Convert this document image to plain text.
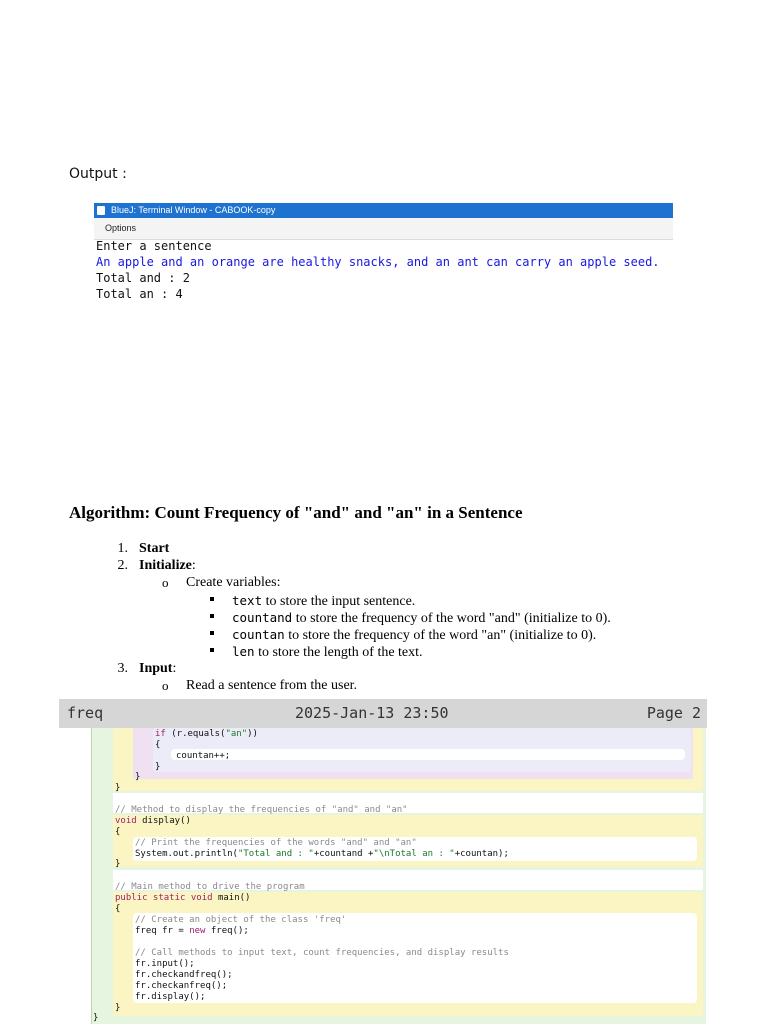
Output :
BlueJ: Terminal Window - CABOOK-copy
Options
Enter a sentence
An apple and an orange are healthy snacks, and an ant can carry an apple seed.
Total and : 2
Total an : 4
Algorithm: Count Frequency of "and" and "an" in a Sentence
1. Start
2. Initialize:
o Create variables:
text to store the input sentence.
countand to store the frequency of the word "and" (initialize to 0).
countan to store the frequency of the word "an" (initialize to 0).
len to store the length of the text.
3. Input:
o Read a sentence from the user.
freq	2025-Jan-13 23:50	Page 2
if (r.equals("an"))
{
countan++;
}
}
}
// Method to display the frequencies of "and" and "an"
void display()
{
// Print the frequencies of the words "and" and "an"
System.out.println("Total and : "+countand +"\nTotal an : "+countan);
}
// Main method to drive the program
public static void main()
{
// Create an object of the class 'freq'
freq fr = new freq();
// Call methods to input text, count frequencies, and display results
fr.input();
fr.checkandfreq();
fr.checkanfreq();
fr.display();
}
}
